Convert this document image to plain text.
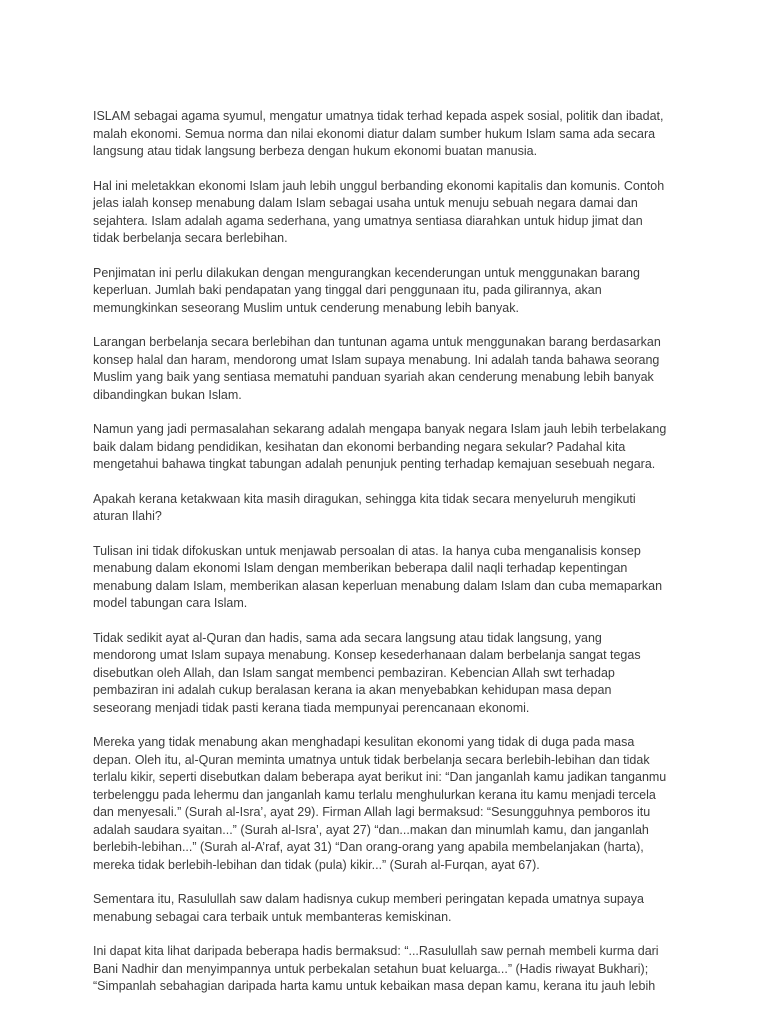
ISLAM sebagai agama syumul, mengatur umatnya tidak terhad kepada aspek sosial, politik dan ibadat,
malah ekonomi. Semua norma dan nilai ekonomi diatur dalam sumber hukum Islam sama ada secara
langsung atau tidak langsung berbeza dengan hukum ekonomi buatan manusia.
Hal ini meletakkan ekonomi Islam jauh lebih unggul berbanding ekonomi kapitalis dan komunis. Contoh
jelas ialah konsep menabung dalam Islam sebagai usaha untuk menuju sebuah negara damai dan
sejahtera. Islam adalah agama sederhana, yang umatnya sentiasa diarahkan untuk hidup jimat dan
tidak berbelanja secara berlebihan.
Penjimatan ini perlu dilakukan dengan mengurangkan kecenderungan untuk menggunakan barang
keperluan. Jumlah baki pendapatan yang tinggal dari penggunaan itu, pada gilirannya, akan
memungkinkan seseorang Muslim untuk cenderung menabung lebih banyak.
Larangan berbelanja secara berlebihan dan tuntunan agama untuk menggunakan barang berdasarkan
konsep halal dan haram, mendorong umat Islam supaya menabung. Ini adalah tanda bahawa seorang
Muslim yang baik yang sentiasa mematuhi panduan syariah akan cenderung menabung lebih banyak
dibandingkan bukan Islam.
Namun yang jadi permasalahan sekarang adalah mengapa banyak negara Islam jauh lebih terbelakang
baik dalam bidang pendidikan, kesihatan dan ekonomi berbanding negara sekular? Padahal kita
mengetahui bahawa tingkat tabungan adalah penunjuk penting terhadap kemajuan sesebuah negara.
Apakah kerana ketakwaan kita masih diragukan, sehingga kita tidak secara menyeluruh mengikuti
aturan Ilahi?
Tulisan ini tidak difokuskan untuk menjawab persoalan di atas. Ia hanya cuba menganalisis konsep
menabung dalam ekonomi Islam dengan memberikan beberapa dalil naqli terhadap kepentingan
menabung dalam Islam, memberikan alasan keperluan menabung dalam Islam dan cuba memaparkan
model tabungan cara Islam.
Tidak sedikit ayat al-Quran dan hadis, sama ada secara langsung atau tidak langsung, yang
mendorong umat Islam supaya menabung. Konsep kesederhanaan dalam berbelanja sangat tegas
disebutkan oleh Allah, dan Islam sangat membenci pembaziran. Kebencian Allah swt terhadap
pembaziran ini adalah cukup beralasan kerana ia akan menyebabkan kehidupan masa depan
seseorang menjadi tidak pasti kerana tiada mempunyai perencanaan ekonomi.
Mereka yang tidak menabung akan menghadapi kesulitan ekonomi yang tidak di duga pada masa
depan. Oleh itu, al-Quran meminta umatnya untuk tidak berbelanja secara berlebih-lebihan dan tidak
terlalu kikir, seperti disebutkan dalam beberapa ayat berikut ini: “Dan janganlah kamu jadikan tanganmu
terbelenggu pada lehermu dan janganlah kamu terlalu menghulurkan kerana itu kamu menjadi tercela
dan menyesali.” (Surah al-Isra’, ayat 29). Firman Allah lagi bermaksud: “Sesungguhnya pemboros itu
adalah saudara syaitan...” (Surah al-Isra’, ayat 27) “dan...makan dan minumlah kamu, dan janganlah
berlebih-lebihan...” (Surah al-A’raf, ayat 31) “Dan orang-orang yang apabila membelanjakan (harta),
mereka tidak berlebih-lebihan dan tidak (pula) kikir...” (Surah al-Furqan, ayat 67).
Sementara itu, Rasulullah saw dalam hadisnya cukup memberi peringatan kepada umatnya supaya
menabung sebagai cara terbaik untuk membanteras kemiskinan.
Ini dapat kita lihat daripada beberapa hadis bermaksud: “...Rasulullah saw pernah membeli kurma dari
Bani Nadhir dan menyimpannya untuk perbekalan setahun buat keluarga...” (Hadis riwayat Bukhari);
“Simpanlah sebahagian daripada harta kamu untuk kebaikan masa depan kamu, kerana itu jauh lebih
